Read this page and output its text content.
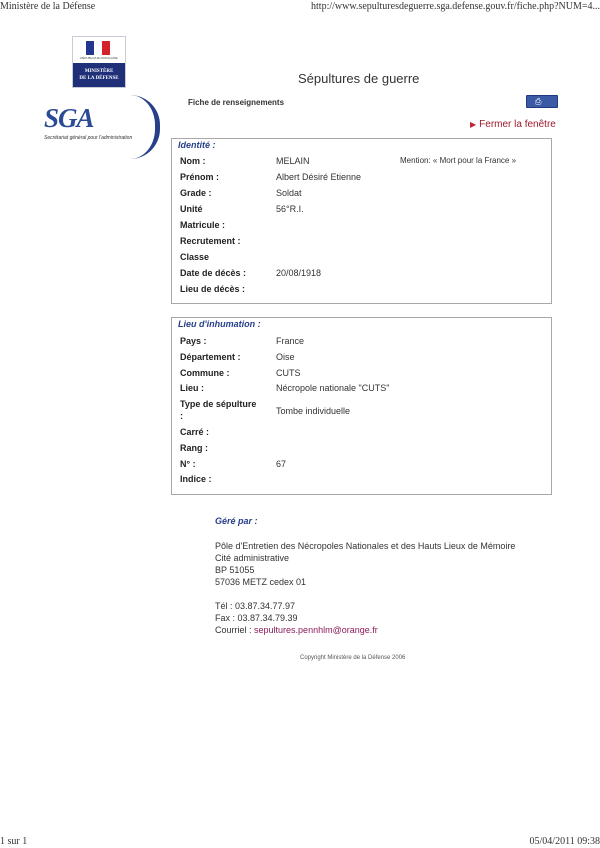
Ministère de la Défense	http://www.sepulturesdeguerre.sga.defense.gouv.fr/fiche.php?NUM=4...
RÉPUBLIQUE FRANÇAISE
MINISTÈRE
DE LA DÉFENSE	Sépultures de guerre
SGA
Secrétariat général pour l'administration
Fiche de renseignements	⎙
▶ Fermer la fenêtre
Identité :
Mention: « Mort pour la France »
Nom :	MELAIN
Prénom :	Albert Désiré Etienne
Grade :	Soldat
Unité	56°R.I.
Matricule :
Recrutement :
Classe
Date de décès :	20/08/1918
Lieu de décès :
Lieu d'inhumation :
Pays :	France
Département :	Oise
Commune :	CUTS
Lieu :	Nécropole nationale "CUTS"
Type de sépulture
:	Tombe individuelle
Carré :
Rang :
N° :	67
Indice :
Géré par :
Pôle d'Entretien des Nécropoles Nationales et des Hauts Lieux de Mémoire
Cité administrative
BP 51055
57036 METZ cedex 01
Tél : 03.87.34.77.97
Fax : 03.87.34.79.39
Courriel : sepultures.pennhlm@orange.fr
Copyright Ministère de la Défense 2006
1 sur 1	05/04/2011 09:38
